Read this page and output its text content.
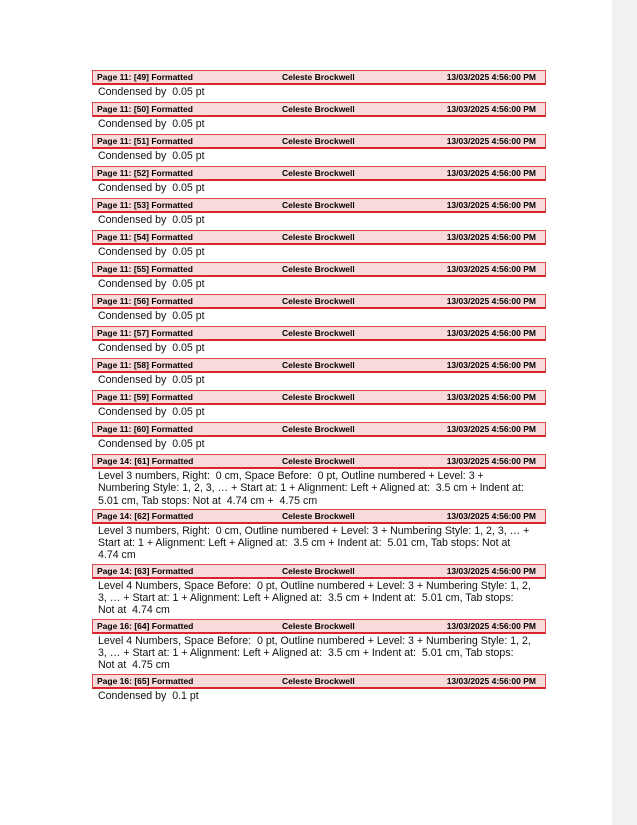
Page 11: [49] Formatted	Celeste Brockwell	13/03/2025 4:56:00 PM
Condensed by  0.05 pt
Page 11: [50] Formatted	Celeste Brockwell	13/03/2025 4:56:00 PM
Condensed by  0.05 pt
Page 11: [51] Formatted	Celeste Brockwell	13/03/2025 4:56:00 PM
Condensed by  0.05 pt
Page 11: [52] Formatted	Celeste Brockwell	13/03/2025 4:56:00 PM
Condensed by  0.05 pt
Page 11: [53] Formatted	Celeste Brockwell	13/03/2025 4:56:00 PM
Condensed by  0.05 pt
Page 11: [54] Formatted	Celeste Brockwell	13/03/2025 4:56:00 PM
Condensed by  0.05 pt
Page 11: [55] Formatted	Celeste Brockwell	13/03/2025 4:56:00 PM
Condensed by  0.05 pt
Page 11: [56] Formatted	Celeste Brockwell	13/03/2025 4:56:00 PM
Condensed by  0.05 pt
Page 11: [57] Formatted	Celeste Brockwell	13/03/2025 4:56:00 PM
Condensed by  0.05 pt
Page 11: [58] Formatted	Celeste Brockwell	13/03/2025 4:56:00 PM
Condensed by  0.05 pt
Page 11: [59] Formatted	Celeste Brockwell	13/03/2025 4:56:00 PM
Condensed by  0.05 pt
Page 11: [60] Formatted	Celeste Brockwell	13/03/2025 4:56:00 PM
Condensed by  0.05 pt
Page 14: [61] Formatted	Celeste Brockwell	13/03/2025 4:56:00 PM
Level 3 numbers, Right:  0 cm, Space Before:  0 pt, Outline numbered + Level: 3 +
Numbering Style: 1, 2, 3, … + Start at: 1 + Alignment: Left + Aligned at:  3.5 cm + Indent at:
5.01 cm, Tab stops: Not at  4.74 cm +  4.75 cm
Page 14: [62] Formatted	Celeste Brockwell	13/03/2025 4:56:00 PM
Level 3 numbers, Right:  0 cm, Outline numbered + Level: 3 + Numbering Style: 1, 2, 3, … +
Start at: 1 + Alignment: Left + Aligned at:  3.5 cm + Indent at:  5.01 cm, Tab stops: Not at
4.74 cm
Page 14: [63] Formatted	Celeste Brockwell	13/03/2025 4:56:00 PM
Level 4 Numbers, Space Before:  0 pt, Outline numbered + Level: 3 + Numbering Style: 1, 2,
3, … + Start at: 1 + Alignment: Left + Aligned at:  3.5 cm + Indent at:  5.01 cm, Tab stops:
Not at  4.74 cm
Page 16: [64] Formatted	Celeste Brockwell	13/03/2025 4:56:00 PM
Level 4 Numbers, Space Before:  0 pt, Outline numbered + Level: 3 + Numbering Style: 1, 2,
3, … + Start at: 1 + Alignment: Left + Aligned at:  3.5 cm + Indent at:  5.01 cm, Tab stops:
Not at  4.75 cm
Page 16: [65] Formatted	Celeste Brockwell	13/03/2025 4:56:00 PM
Condensed by  0.1 pt
